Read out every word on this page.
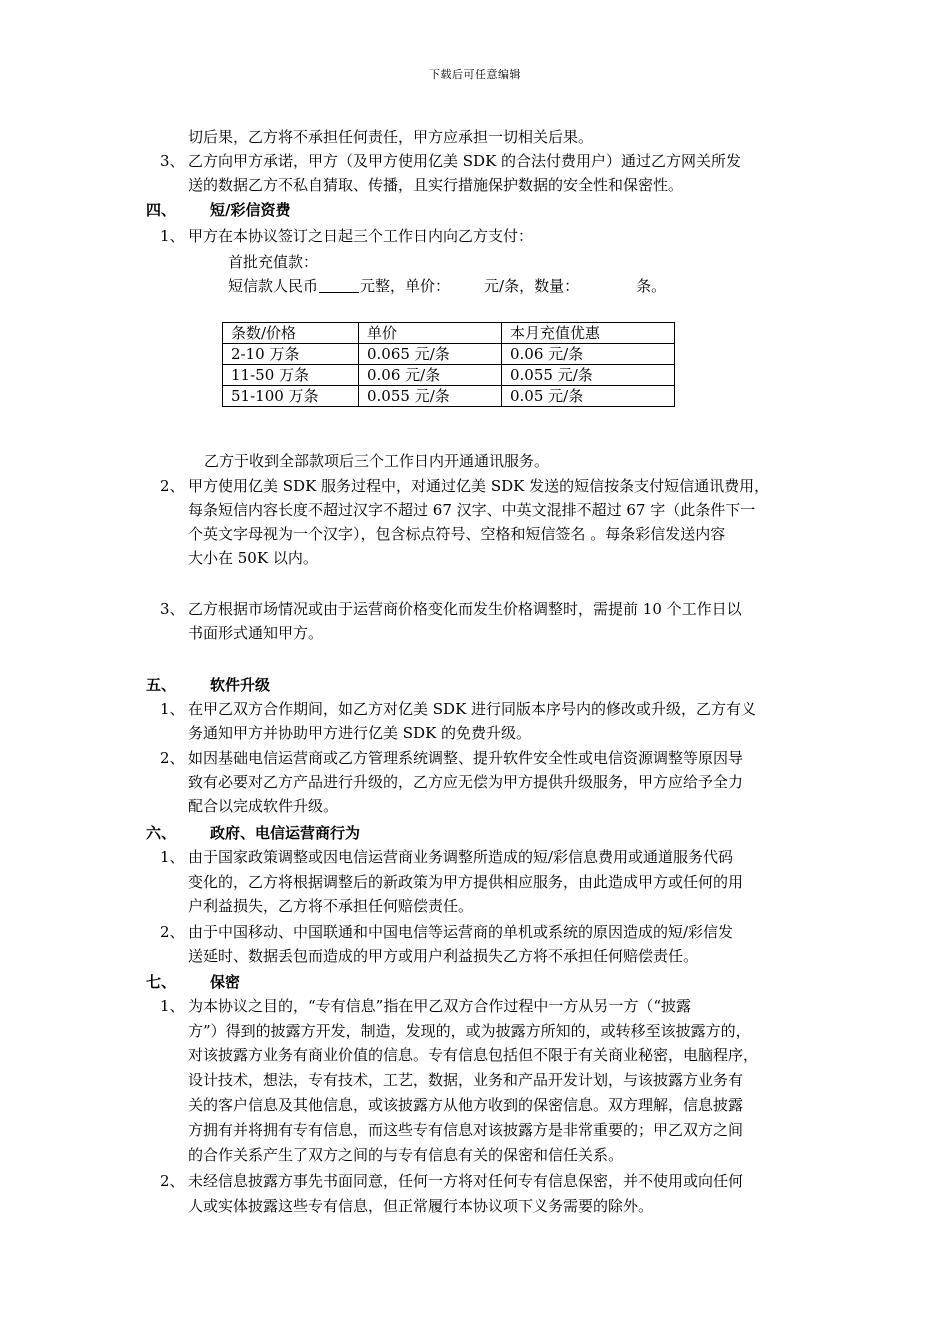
下载后可任意编辑
切后果，乙方将不承担任何责任，甲方应承担一切相关后果。
3、 乙方向甲方承诺，甲方（及甲方使用亿美 SDK 的合法付费用户）通过乙方网关所发
送的数据乙方不私自猜取、传播，且实行措施保护数据的安全性和保密性。
四、 短/彩信资费
1、 甲方在本协议签订之日起三个工作日内向乙方支付：
首批充值款：
短信款人民币	元整，单价： 元/条，数量：	条。
条数/价格	单价	本月充值优惠
2-10 万条	0.065 元/条	0.06 元/条
11-50 万条	0.06 元/条	0.055 元/条
51-100 万条	0.055 元/条	0.05 元/条
乙方于收到全部款项后三个工作日内开通通讯服务。
2、 甲方使用亿美 SDK 服务过程中，对通过亿美 SDK 发送的短信按条支付短信通讯费用，
每条短信内容长度不超过汉字不超过 67 汉字、中英文混排不超过 67 字（此条件下一
个英文字母视为一个汉字），包含标点符号、空格和短信签名 。每条彩信发送内容
大小在 50K 以内。
3、 乙方根据市场情况或由于运营商价格变化而发生价格调整时，需提前 10 个工作日以
书面形式通知甲方。
五、 软件升级
1、 在甲乙双方合作期间，如乙方对亿美 SDK 进行同版本序号内的修改或升级，乙方有义
务通知甲方并协助甲方进行亿美 SDK 的免费升级。
2、 如因基础电信运营商或乙方管理系统调整、提升软件安全性或电信资源调整等原因导
致有必要对乙方产品进行升级的，乙方应无偿为甲方提供升级服务，甲方应给予全力
配合以完成软件升级。
六、 政府、电信运营商行为
1、 由于国家政策调整或因电信运营商业务调整所造成的短/彩信息费用或通道服务代码
变化的，乙方将根据调整后的新政策为甲方提供相应服务，由此造成甲方或任何的用
户利益损失，乙方将不承担任何赔偿责任。
2、 由于中国移动、中国联通和中国电信等运营商的单机或系统的原因造成的短/彩信发
送延时、数据丢包而造成的甲方或用户利益损失乙方将不承担任何赔偿责任。
七、 保密
1、 为本协议之目的，“专有信息”指在甲乙双方合作过程中一方从另一方（“披露
方”）得到的披露方开发，制造，发现的，或为披露方所知的，或转移至该披露方的，
对该披露方业务有商业价值的信息。专有信息包括但不限于有关商业秘密，电脑程序，
设计技术，想法，专有技术，工艺，数据，业务和产品开发计划，与该披露方业务有
关的客户信息及其他信息，或该披露方从他方收到的保密信息。双方理解，信息披露
方拥有并将拥有专有信息，而这些专有信息对该披露方是非常重要的；甲乙双方之间
的合作关系产生了双方之间的与专有信息有关的保密和信任关系。
2、 未经信息披露方事先书面同意，任何一方将对任何专有信息保密，并不使用或向任何
人或实体披露这些专有信息，但正常履行本协议项下义务需要的除外。
